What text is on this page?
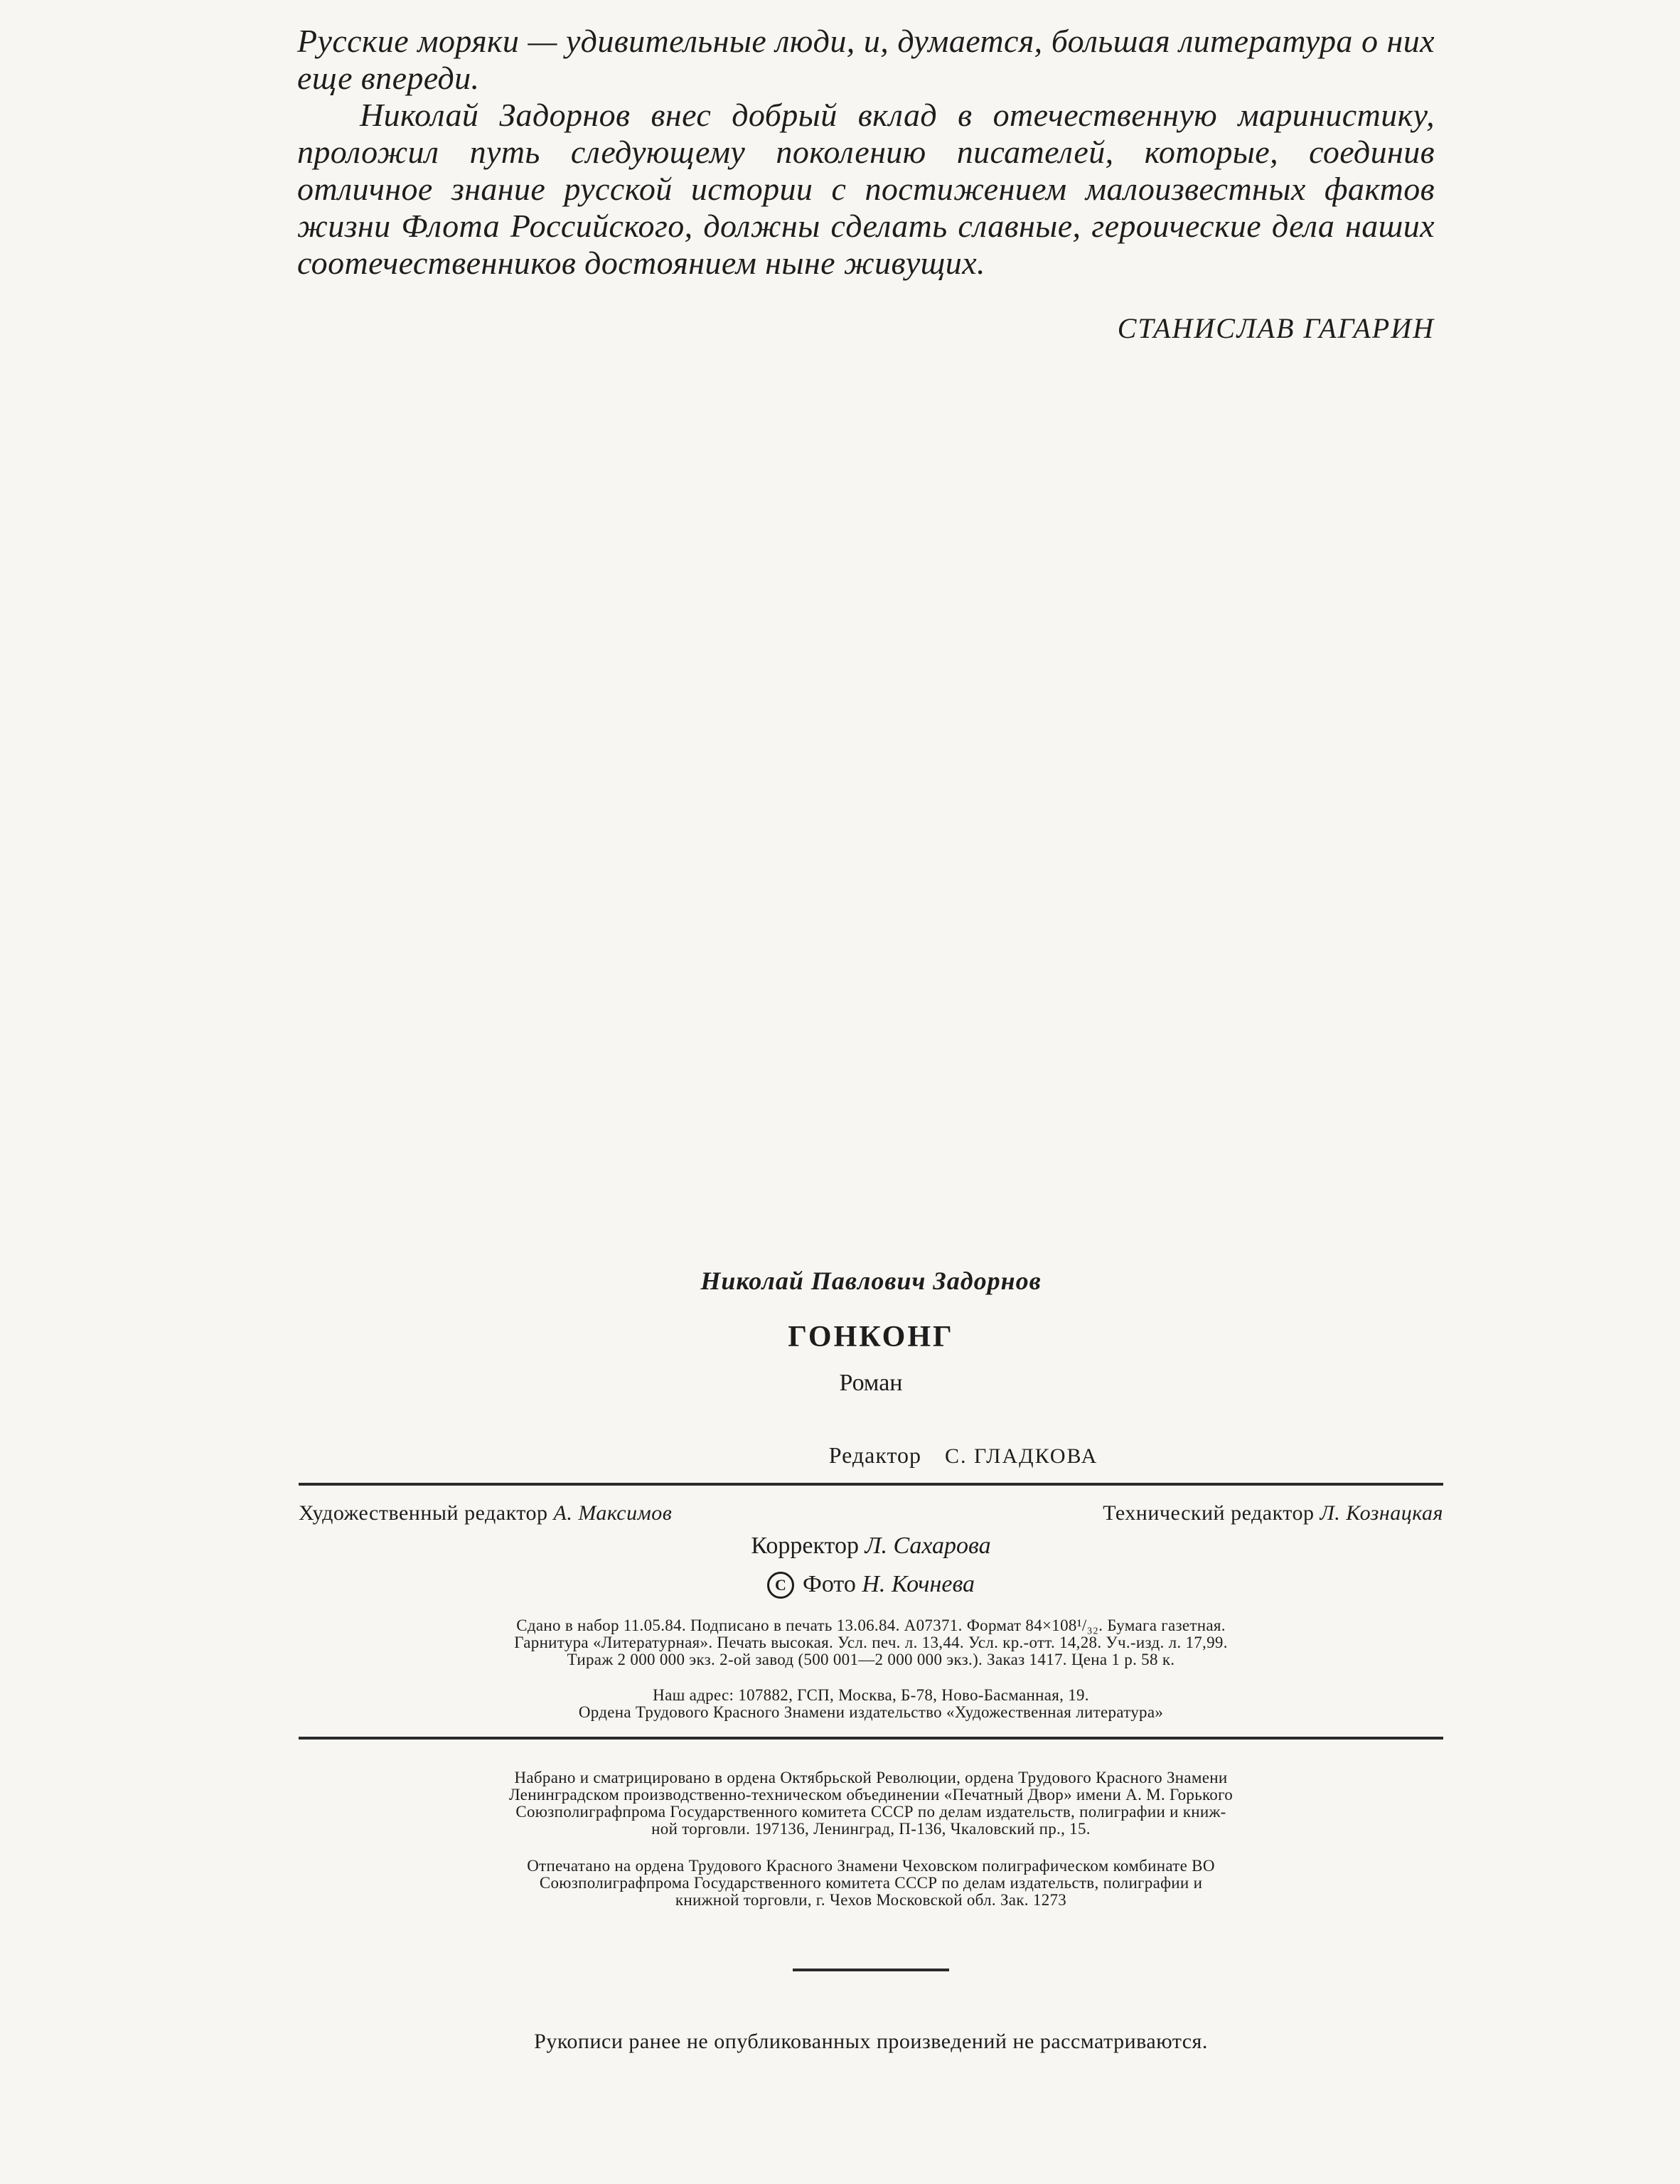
Русские моряки — удивительные люди, и, думается, большая литература о них еще впереди.

Николай Задорнов внес добрый вклад в отечественную маринистику, проложил путь следующему поколению писателей, которые, соединив отличное знание русской истории с постижением малоизвестных фактов жизни Флота Российского, должны сделать славные, героические дела наших соотечественников достоянием ныне живущих.

СТАНИСЛАВ ГАГАРИН
Николай Павлович Задорнов
ГОНКОНГ
Роман
Редактор С. ГЛАДКОВА
Художественный редактор А. Максимов	Технический редактор Л. Кознацкая
Корректор Л. Сахарова
C Фото Н. Кочнева
Сдано в набор 11.05.84. Подписано в печать 13.06.84. А07371. Формат 84×108¹/₃₂. Бумага газетная.
Гарнитура «Литературная». Печать высокая. Усл. печ. л. 13,44. Усл. кр.-отт. 14,28. Уч.-изд. л. 17,99.
Тираж 2 000 000 экз. 2-ой завод (500 001—2 000 000 экз.). Заказ 1417. Цена 1 р. 58 к.
Наш адрес: 107882, ГСП, Москва, Б-78, Ново-Басманная, 19.
Ордена Трудового Красного Знамени издательство «Художественная литература»
Набрано и сматрицировано в ордена Октябрьской Революции, ордена Трудового Красного Знамени
Ленинградском производственно-техническом объединении «Печатный Двор» имени А. М. Горького
Союзполиграфпрома Государственного комитета СССР по делам издательств, полиграфии и книж-
ной торговли. 197136, Ленинград, П-136, Чкаловский пр., 15.
Отпечатано на ордена Трудового Красного Знамени Чеховском полиграфическом комбинате ВО
Союзполиграфпрома Государственного комитета СССР по делам издательств, полиграфии и
книжной торговли, г. Чехов Московской обл. Зак. 1273
Рукописи ранее не опубликованных произведений не рассматриваются.
